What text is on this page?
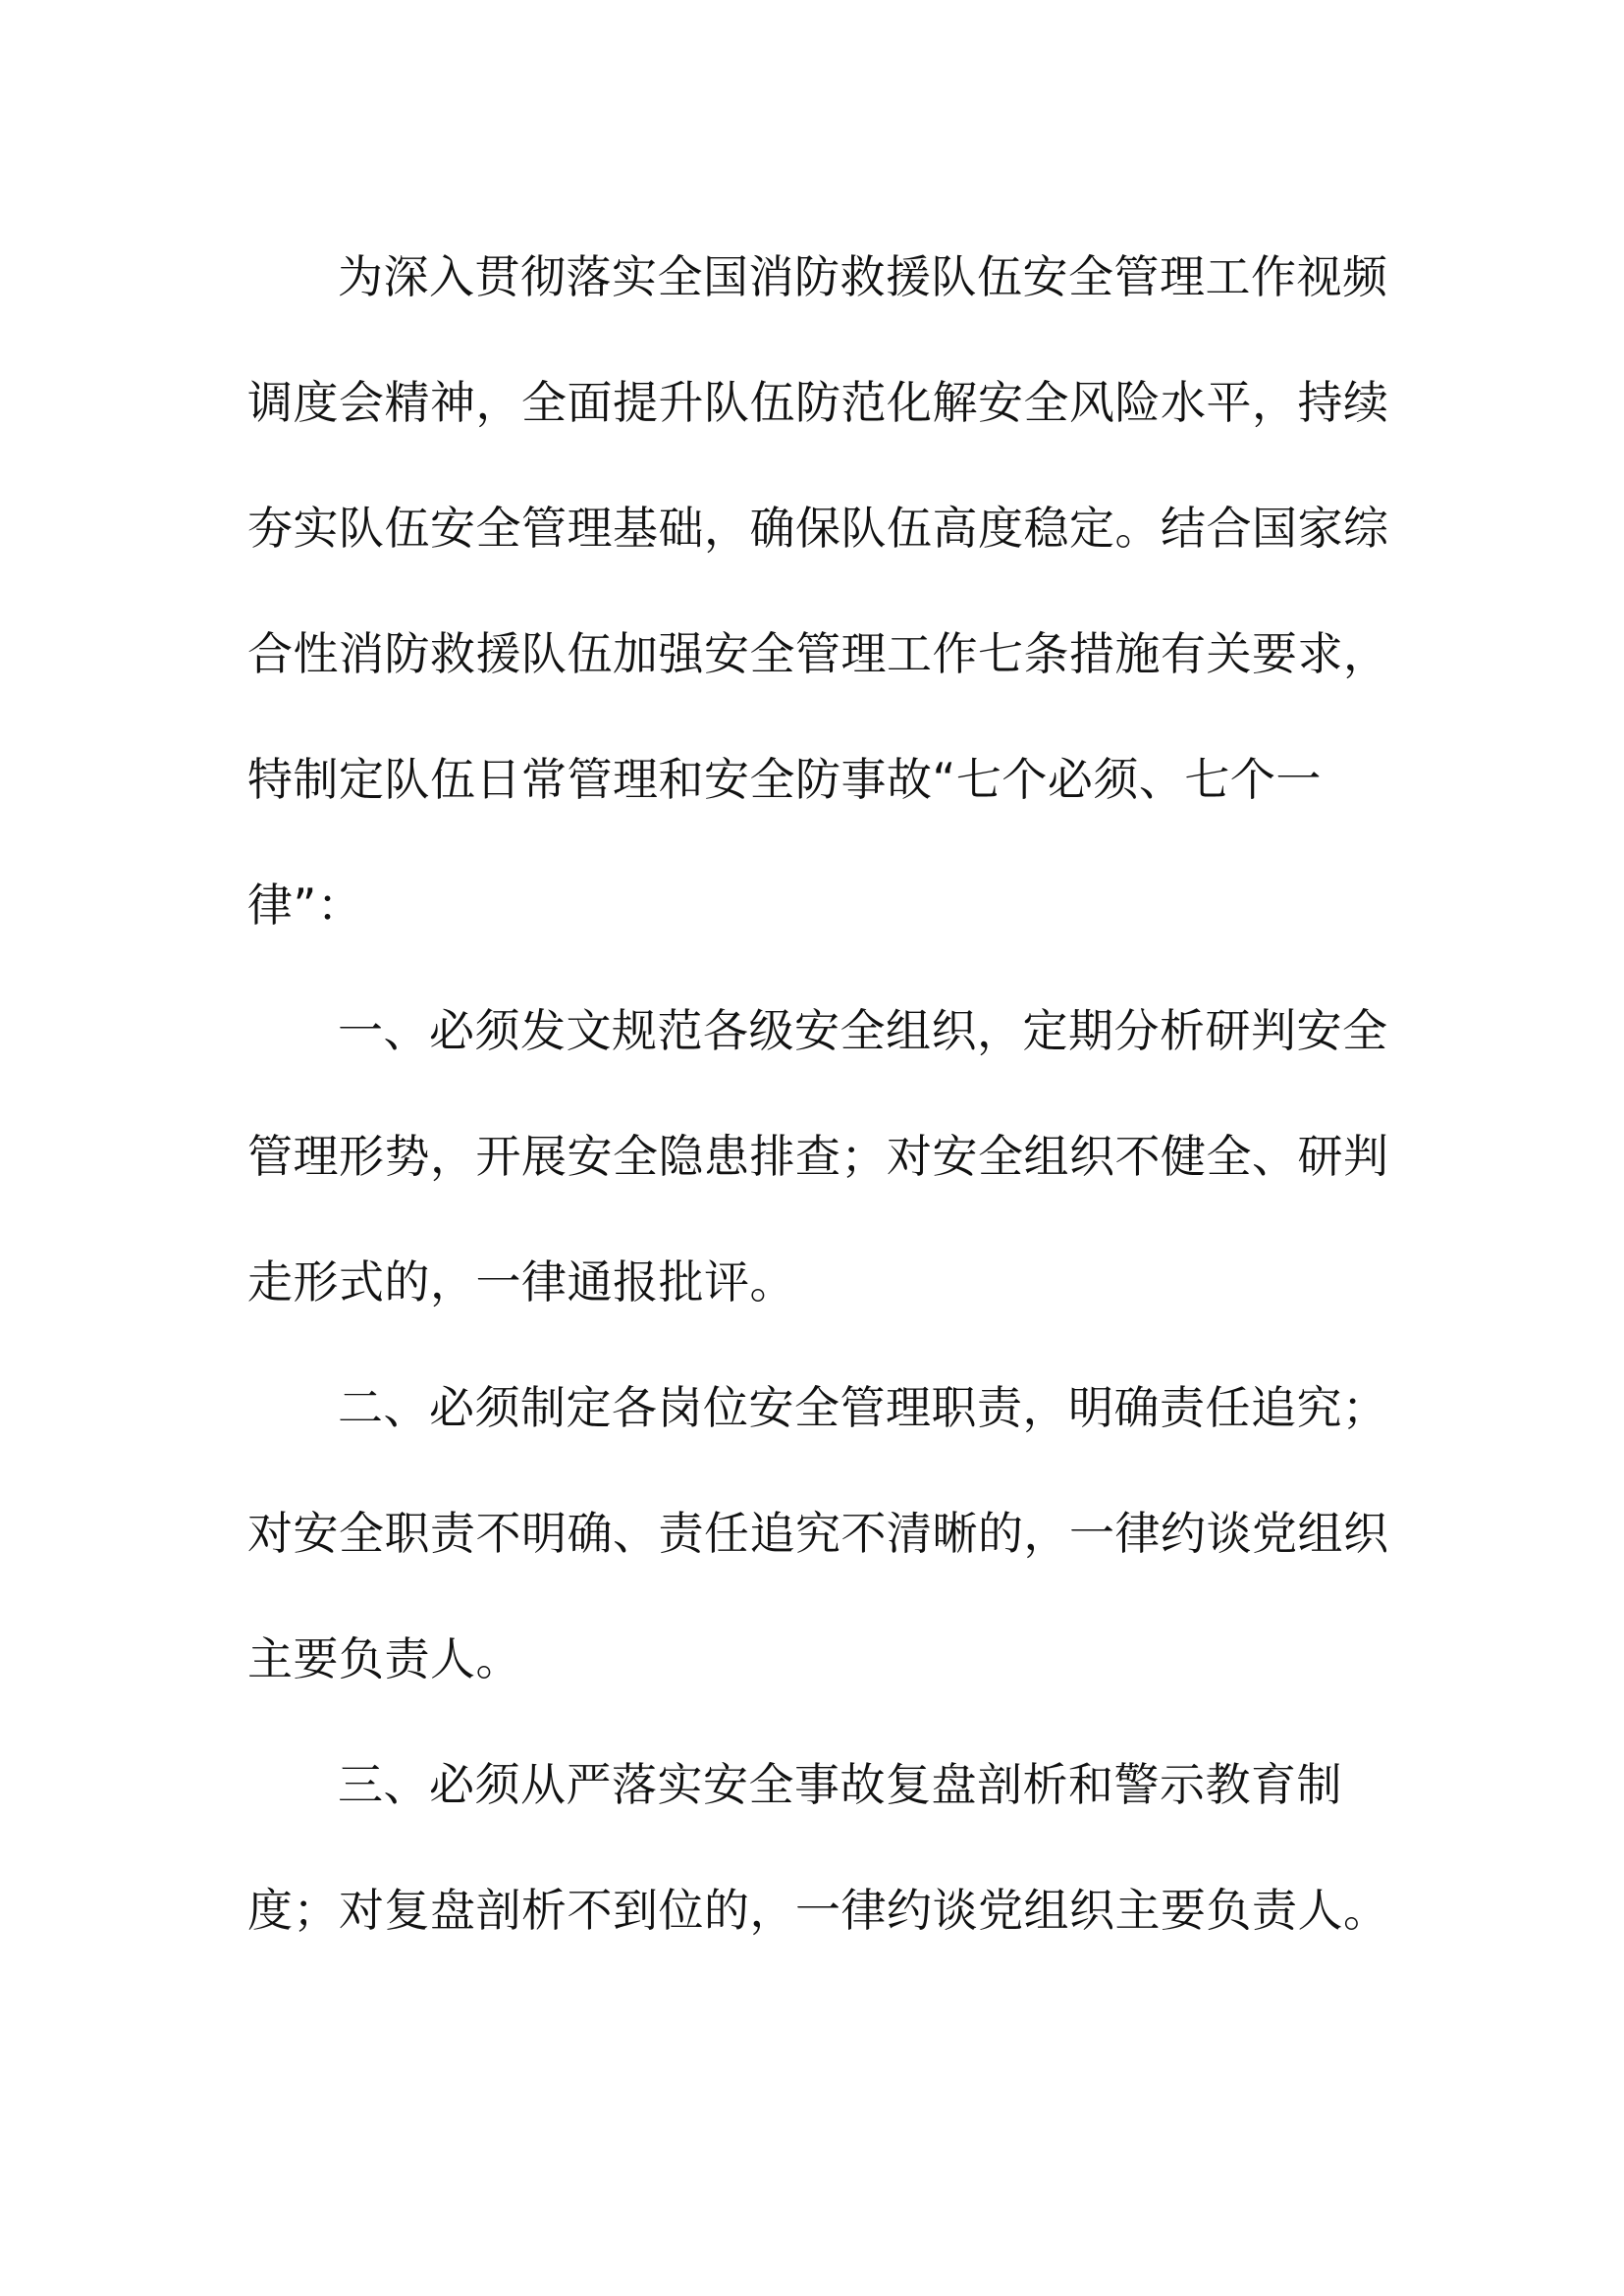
为深入贯彻落实全国消防救援队伍安全管理工作视频
调度会精神，全面提升队伍防范化解安全风险水平，持续
夯实队伍安全管理基础，确保队伍高度稳定。结合国家综
合性消防救援队伍加强安全管理工作七条措施有关要求，
特制定队伍日常管理和安全防事故“七个必须、七个一
律”：
一、必须发文规范各级安全组织，定期分析研判安全
管理形势，开展安全隐患排查；对安全组织不健全、研判
走形式的，一律通报批评。
二、必须制定各岗位安全管理职责，明确责任追究；
对安全职责不明确、责任追究不清晰的，一律约谈党组织
主要负责人。
三、必须从严落实安全事故复盘剖析和警示教育制
度；对复盘剖析不到位的，一律约谈党组织主要负责人。
